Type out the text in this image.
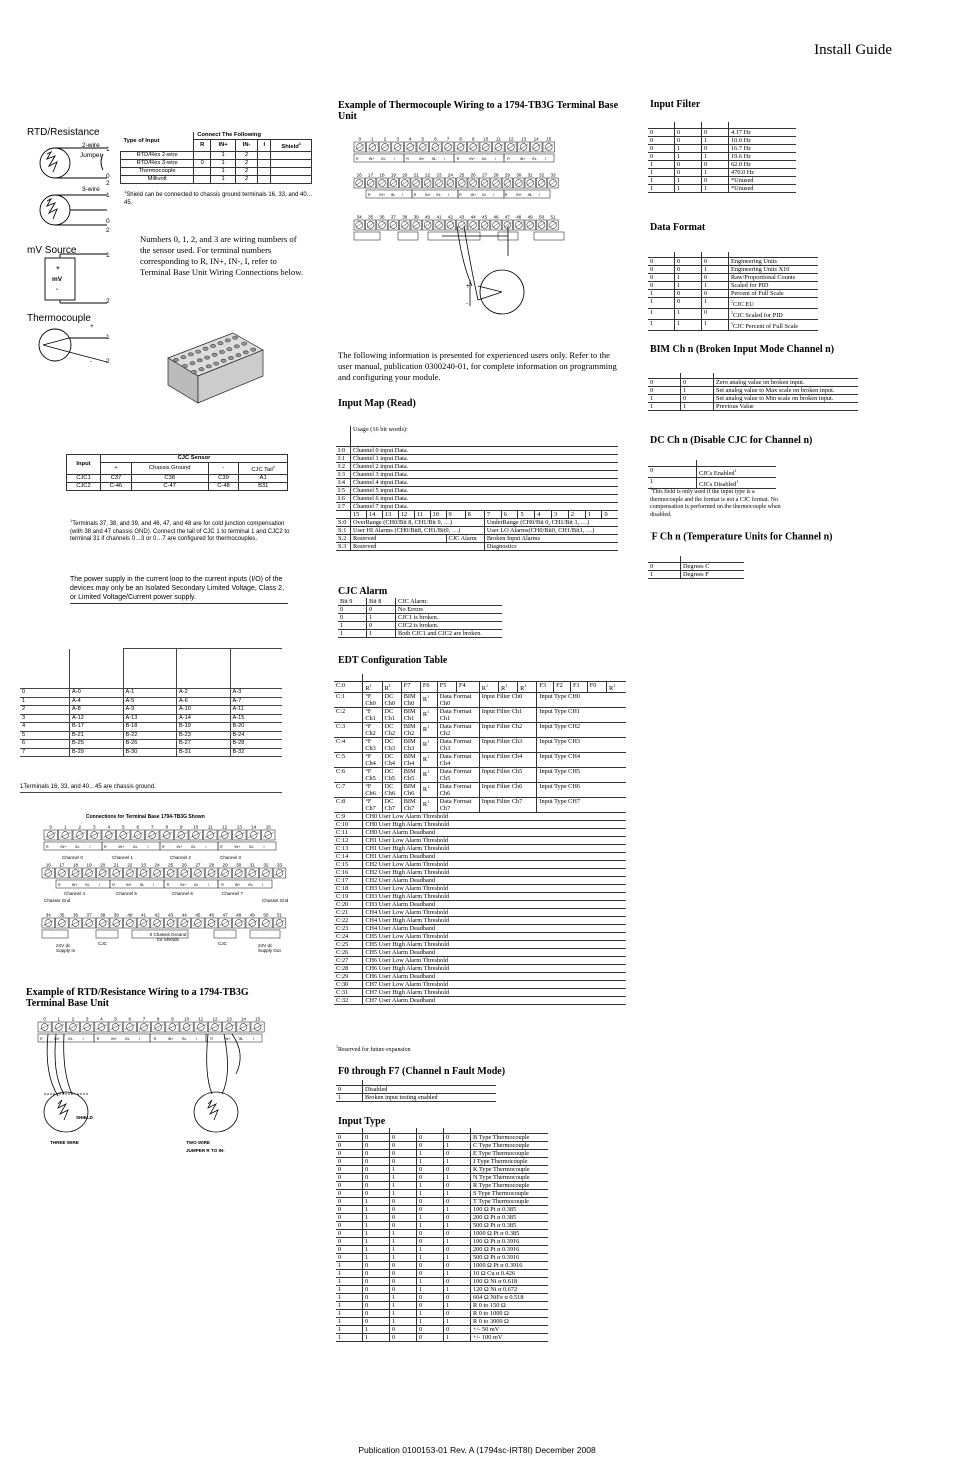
Install Guide
RTD/Resistance
2-wire
Jumper
3-wire
mV Source
Thermocouple
1
0
2
1
0
2
1
2
+
mV
-
+
1
- 2
Type of Input	Connect The Following				
	R	IN+	IN-	I	Shield$^1$
RTD/Res 2-wire		1	2		
RTD/Res 3-wire	0	1	2		
Thermocouple		1	2		
Millivolt		1	2		
$^1$Shield can be connected to chassis ground terminals 16, 33, and 40…45.
Numbers 0, 1, 2, and 3 are wiring numbers of the sensor used. For terminal numbers corresponding to R, IN+, IN-, I, refer to Terminal Base Unit Wiring Connections below.
Input	CJC Sensor			
	+	Chassis Ground	-	CJC Tail$^1$
CJC1	C37	C38	C39	A1
CJC2	C-46	C-47	C-48	B31
$^1$Terminals 37, 38, and 39, and 46, 47, and 48 are for cold junction compensation (with 38 and 47 chassis GND). Connect the tail of CJC 1 to terminal 1 and CJC2 to terminal 31 if channels 0…3 or 0…7 are configured for thermocouples.
The power supply in the current loop to the current inputs (I/O) of the devices may only be an Isolated Secondary Limited Voltage, Class 2, or Limited Voltage/Current power supply.

0	A-0	A-1	A-2	A-3
1	A-4	A-5	A-6	A-7
2	A-8	A-9	A-10	A-11
3	A-12	A-13	A-14	A-15
4	B-17	B-18	B-19	B-20
5	B-21	B-22	B-23	B-24
6	B-25	B-26	B-27	B-28
7	B-29	B-30	B-31	B-32
1Terminals 16, 33, and 40…45 are chassis ground.
Connections for Terminal Base 1794-TB3G Shown
0	1	2	3	4	5	6	7	8	9 10 11 12 13 14 15
R	IN+ IN-	I	R	IN+ IN-	I	R	IN+ IN-	I	R	IN+ IN-	I
16 17 18 19 20 21 22 23 24 25 26 27 28 29 30 31 32 33
R	IN+ IN- I	R	IN+ IN- I	R	IN+ IN- I	R	IN+ IN- I
34 35 36 37 38 39 40 41 42 43 44 45 46 47 48 49 50 51
Channel 0	Channel 1	Channel 2	Channel 3
Channel 4	Channel 5	Channel 6	Channel 7
Chassis Gnd	Chassis Gnd
0 Chassis Ground for Shields
CJC	CJC
24V dc Supply In
24V dc Supply Out
Example of RTD/Resistance Wiring to a 1794-TB3G Terminal Base Unit
0	1	2	3	4	5	6	7	8	9 10 11 12 13 14 15
R	IN+ IN-	I	R	IN+ IN-	I	R	IN+ IN-	I	R	IN+ IN-	I
SHIELD
THREE WIRE	TWO WIRE
JUMPER R TO IN-
Example of Thermocouple Wiring to a 1794-TB3G Terminal Base Unit
0 1 2 3 4 5 6 7 8 9 10 11 12 13 14 15
R	IN+ IN- I	R	IN+ IN- I	R	IN+ IN- I	R	IN+ IN- I
16 17 18 19 20 21 22 23 24 25 26 27 28 29 30 31 32 33
R IN+ IN- I	R IN+ IN- I	R IN+ IN- I	R IN+ IN- I
34 35 36 37 38 39 40 41 42 43 44 45 46 47 48 49 50 51
+
-
The following information is presented for experienced users only. Refer to the user manual, publication 0300240-01, for complete information on programming and configuring your module.
Input Map (Read)
	Usage (16 bit words):															
I:0	Channel 0 input Data.															
I:1	Channel 1 input Data.															
I:2	Channel 2 input Data.															
I:3	Channel 3 input Data.															
I:4	Channel 4 input Data.															
I:5	Channel 5 input Data.															
I:6	Channel 6 input Data.															
I:7	Channel 7 input Data.															
	15	14	13	12	11	10	9	8	7	6	5	4	3	2	1	0
S:0	OverRange (CH0/Bit 8, CH1/Bit 9, …)								UnderRange (CH0/Bit 0, CH1/Bit 1, …)							
S:1	User HI Alarms (CH0/Bit8, CH1/Bit9, …)								User LO Alarms(CH0/Bit0, CH1/Bit1, …)							
S:2	Reserved						CJC Alarm		Broken Input Alarms							
S:3	Reserved								Diagnostics							
CJC Alarm
Bit 9	Bit 8	CJC Alarm:
0	0	No Errors
0	1	CJC1 is broken.
1	0	CJC2 is broken.
1	1	Both CJC1 and CJC2 are broken.
EDT Configuration Table

C:0	$R^1$	$R^1$	F7	F6	F5	F4	$R^1$	$R^1$	$R^1$	F3	F2	F1	F0	$R^1$
C:1	°F Ch0	DC Ch0	BIM Ch0	$R^1$	Data Format Ch0		Input Filter Ch0			Input Type CH0				
C:2	°F Ch1	DC Ch1	BIM Ch1	$R^1$	Data Format Ch1		Input Filter Ch1			Input Type CH1				
C:3	°F Ch2	DC Ch2	BIM Ch2	$R^1$	Data Format Ch2		Input Filter Ch2			Input Type CH2				
C:4	°F Ch3	DC Ch3	BIM Ch3	$R^1$	Data Format Ch3		Input Filter Ch3			Input Type CH3				
C:5	°F Ch4	DC Ch4	BIM Ch4	$R^1$	Data Format Ch4		Input Filter Ch4			Input Type CH4				
C:6	°F Ch5	DC Ch5	BIM Ch5	$R^1$	Data Format Ch5		Input Filter Ch5			Input Type CH5				
C:7	°F Ch6	DC Ch6	BIM Ch6	$R^1$	Data Format Ch6		Input Filter Ch6			Input Type CH6				
C:8	°F Ch7	DC Ch7	BIM Ch7	$R^1$	Data Format Ch7		Input Filter Ch7			Input Type CH7				
C:9	CH0 User Low Alarm Threshold													
C:10	CH0 User High Alarm Threshold													
C:11	CH0 User Alarm Deadband													
C:12	CH1 User Low Alarm Threshold													
C:13	CH1 User High Alarm Threshold													
C:14	CH1 User Alarm Deadband													
C:15	CH2 User Low Alarm Threshold													
C:16	CH2 User High Alarm Threshold													
C:17	CH2 User Alarm Deadband													
C:18	CH3 User Low Alarm Threshold													
C:19	CH3 User High Alarm Threshold													
C:20	CH3 User Alarm Deadband													
C:21	CH4 User Low Alarm Threshold													
C:22	CH4 User High Alarm Threshold													
C:23	CH4 User Alarm Deadband													
C:24	CH5 User Low Alarm Threshold													
C:25	CH5 User High Alarm Threshold													
C:26	CH5 User Alarm Deadband													
C:27	CH6 User Low Alarm Threshold													
C:28	CH6 User High Alarm Threshold													
C:29	CH6 User Alarm Deadband													
C:30	CH7 User Low Alarm Threshold													
C:31	CH7 User High Alarm Threshold													
C:32	CH7 User Alarm Deadband													
$^1$Reserved for future expansion
F0 through F7 (Channel n Fault Mode)

0	Disabled
1	Broken input testing enabled
Input Type

0	0	0	0	0	B Type Thermocouple
0	0	0	0	1	C Type Thermocouple
0	0	0	1	0	E Type Thermocouple
0	0	0	1	1	J Type Thermocouple
0	0	1	0	0	K Type Thermocouple
0	0	1	0	1	N Type Thermocouple
0	0	1	1	0	R Type Thermocouple
0	0	1	1	1	S Type Thermocouple
0	1	0	0	0	T Type Thermocouple
0	1	0	0	1	100 Ω Pt α 0.385
0	1	0	1	0	200 Ω Pt α 0.385
0	1	0	1	1	500 Ω Pt α 0.385
0	1	1	0	0	1000 Ω Pt α 0.385
0	1	1	0	1	100 Ω Pt α 0.3916
0	1	1	1	0	200 Ω Pt α 0.3916
0	1	1	1	1	500 Ω Pt α 0.3916
1	0	0	0	0	1000 Ω Pt α 0.3916
1	0	0	0	1	10 Ω Cu α 0.426
1	0	0	1	0	100 Ω Ni α 0.618
1	0	0	1	1	120 Ω Ni α 0.672
1	0	1	0	0	604 Ω NiFe α 0.518
1	0	1	0	1	R 0 to 150 Ω
1	0	1	1	0	R 0 to 1000 Ω
1	0	1	1	1	R 0 to 3000 Ω
1	1	0	0	0	+/- 50 mV
1	1	0	0	1	+/- 100 mV
Input Filter

0	0	0	4.17 Hz
0	0	1	10.0 Hz
0	1	0	16.7 Hz
0	1	1	19.6 Hz
1	0	0	62.0 Hz
1	0	1	470.0 Hz
1	1	0	*Unused
1	1	1	*Unused
Data Format

0	0	0	Engineering Units
0	0	1	Engineering Units X10
0	1	0	Raw/Proportional Counts
0	1	1	Scaled for PID
1	0	0	Percent of Full Scale
1	0	1	$^1$CJC EU
1	1	0	$^1$CJC Scaled for PID
1	1	1	$^1$CJC Percent of Full Scale
BIM Ch n (Broken Input Mode Channel n)

0	0	Zero analog value on broken input.
0	1	Set analog value to Max scale on broken input.
1	0	Set analog value to Min scale on broken input.
1	1	Previous Value
DC Ch n (Disable CJC for Channel n)

0	CJCs Enabled$^1$
1	CJCs Disabled$^1$
$^1$This field is only used if the input type is a thermocouple and the format is not a CJC format. No compensation is performed on the thermocouple when disabled.
°F Ch n (Temperature Units for Channel n)

0	Degrees C
1	Degrees F
Publication 0100153-01 Rev. A (1794sc-IRT8I) December 2008
